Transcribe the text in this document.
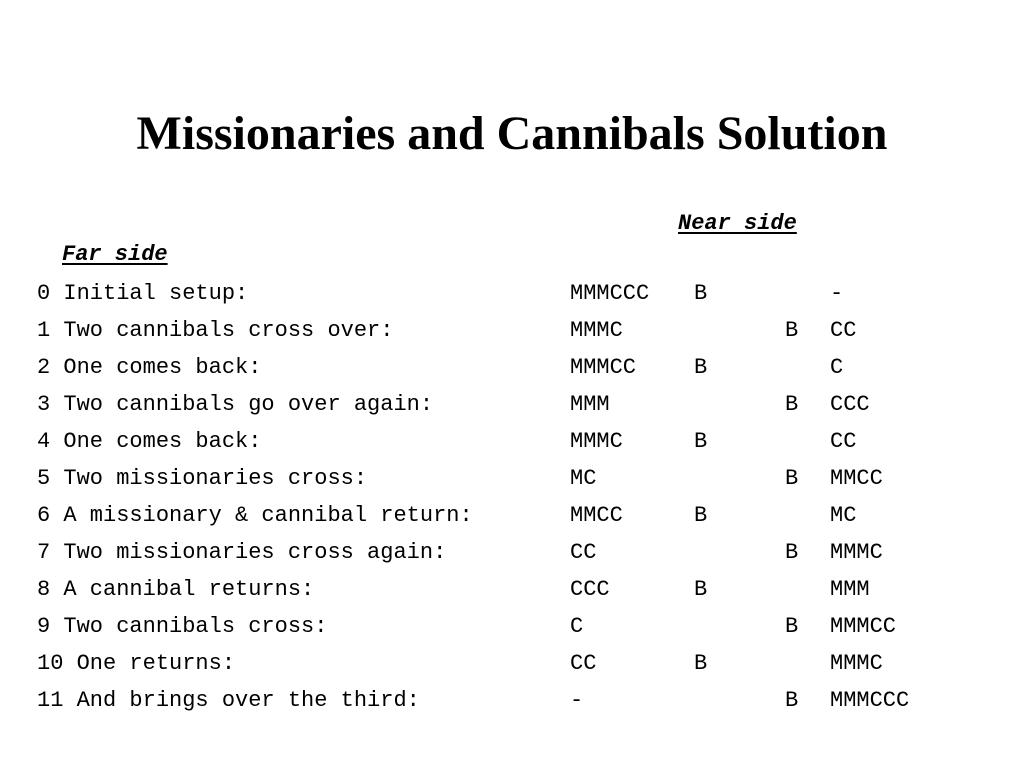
Missionaries and Cannibals Solution
Near side
Far side
0 Initial setup:	MMMCCC B	-
1 Two cannibals cross over:	MMMC	B CC
2 One comes back:	MMMCC	B	C
3 Two cannibals go over again:	MMM	B CCC
4 One comes back:	MMMC	B	CC
5 Two missionaries cross:	MC	B MMCC
6 A missionary & cannibal return:	MMCC	B	MC
7 Two missionaries cross again:	CC	B MMMC
8 A cannibal returns:	CCC	B	MMM
9 Two cannibals cross:	C	B MMMCC
10 One returns:	CC	B	MMMC
11 And brings over the third:	-	B MMMCCC
